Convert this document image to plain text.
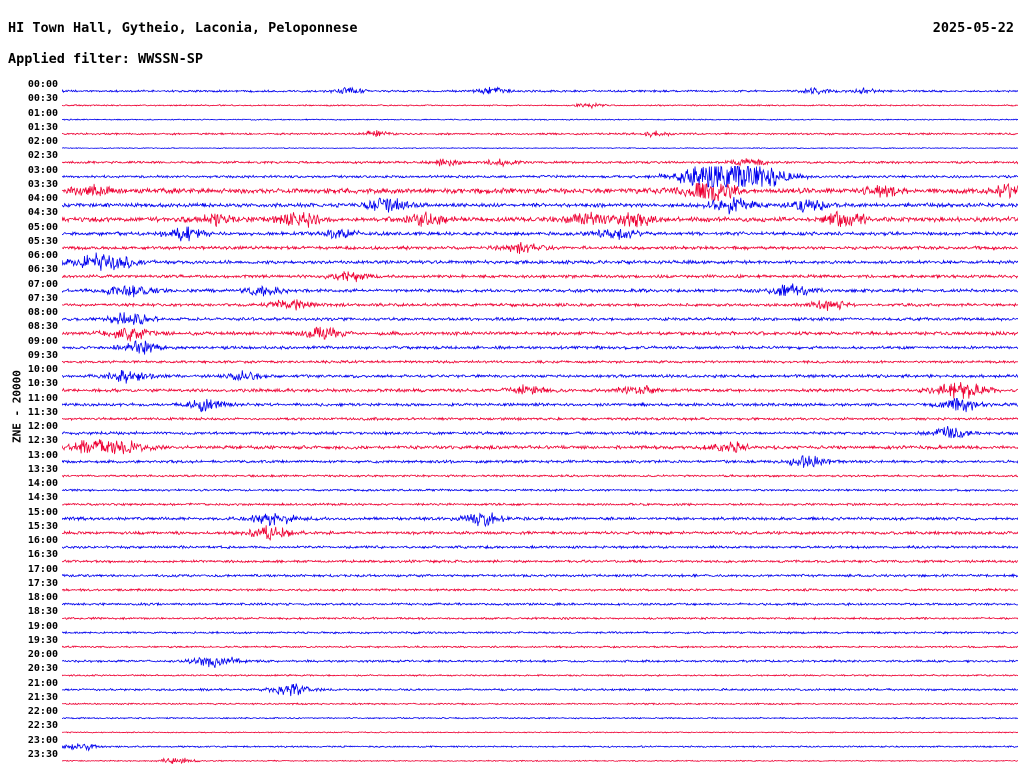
HI Town Hall, Gytheio, Laconia, Peloponnese	2025-05-22
Applied filter: WWSSN-SP
ZNE - 20000
00:00
00:30
01:00
01:30
02:00
02:30
03:00
03:30
04:00
04:30
05:00
05:30
06:00
06:30
07:00
07:30
08:00
08:30
09:00
09:30
10:00
10:30
11:00
11:30
12:00
12:30
13:00
13:30
14:00
14:30
15:00
15:30
16:00
16:30
17:00
17:30
18:00
18:30
19:00
19:30
20:00
20:30
21:00
21:30
22:00
22:30
23:00
23:30
